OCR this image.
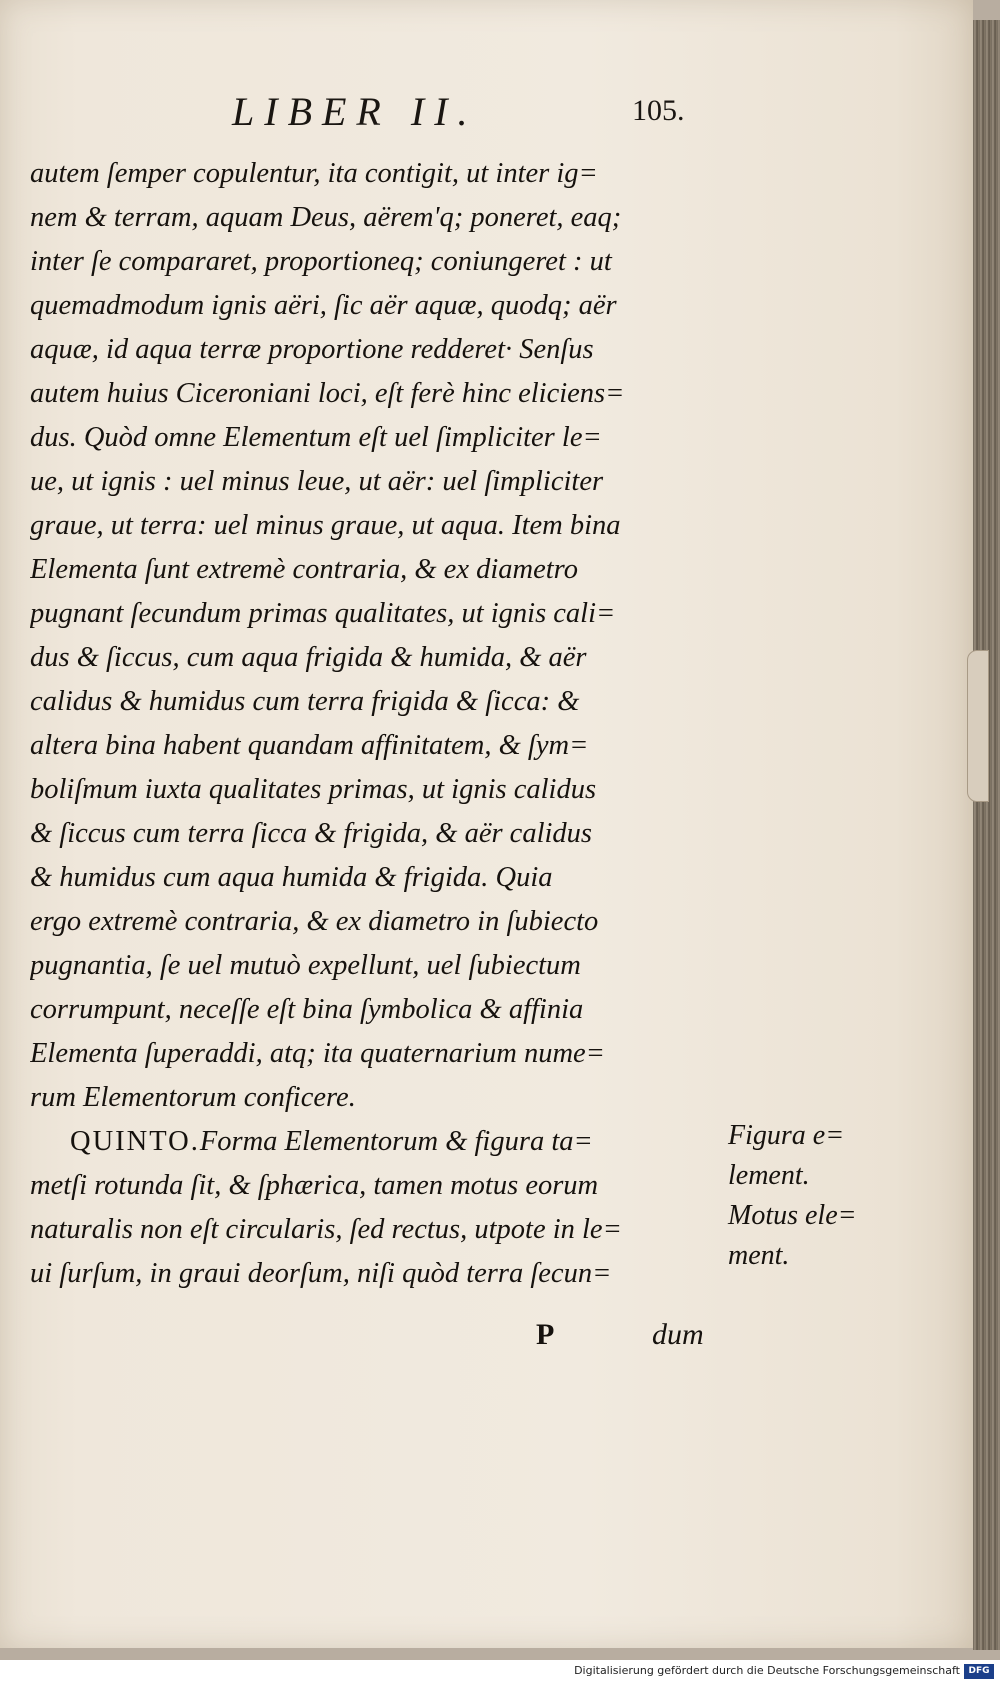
LIBER II.	105.
autem ſemper copulentur, ita contigit, ut inter ig=
nem & terram, aquam Deus, aërem'q; poneret, eaq;
inter ſe compararet, proportioneq; coniungeret : ut
quemadmodum ignis aëri, ſic aër aquæ, quodq; aër
aquæ, id aqua terræ proportione redderet· Senſus
autem huius Ciceroniani loci, eſt ferè hinc eliciens=
dus. Quòd omne Elementum eſt uel ſimpliciter le=
ue, ut ignis : uel minus leue, ut aër: uel ſimpliciter
graue, ut terra: uel minus graue, ut aqua. Item bina
Elementa ſunt extremè contraria, & ex diametro
pugnant ſecundum primas qualitates, ut ignis cali=
dus & ſiccus, cum aqua frigida & humida, & aër
calidus & humidus cum terra frigida & ſicca: &
altera bina habent quandam affinitatem, & ſym=
boliſmum iuxta qualitates primas, ut ignis calidus
& ſiccus cum terra ſicca & frigida, & aër calidus
& humidus cum aqua humida & frigida. Quia
ergo extremè contraria, & ex diametro in ſubiecto
pugnantia, ſe uel mutuò expellunt, uel ſubiectum
corrumpunt, neceſſe eſt bina ſymbolica & affinia
Elementa ſuperaddi, atq; ita quaternarium nume=
rum Elementorum conficere.
QUINTO.Forma Elementorum & figura ta=
metſi rotunda ſit, & ſphærica, tamen motus eorum
naturalis non eſt circularis, ſed rectus, utpote in le=
ui ſurſum, in graui deorſum, niſi quòd terra ſecun=
P	dum
Figura e=
lement.
Motus ele=
ment.
Digitalisierung gefördert durch die Deutsche Forschungsgemeinschaft DFG
